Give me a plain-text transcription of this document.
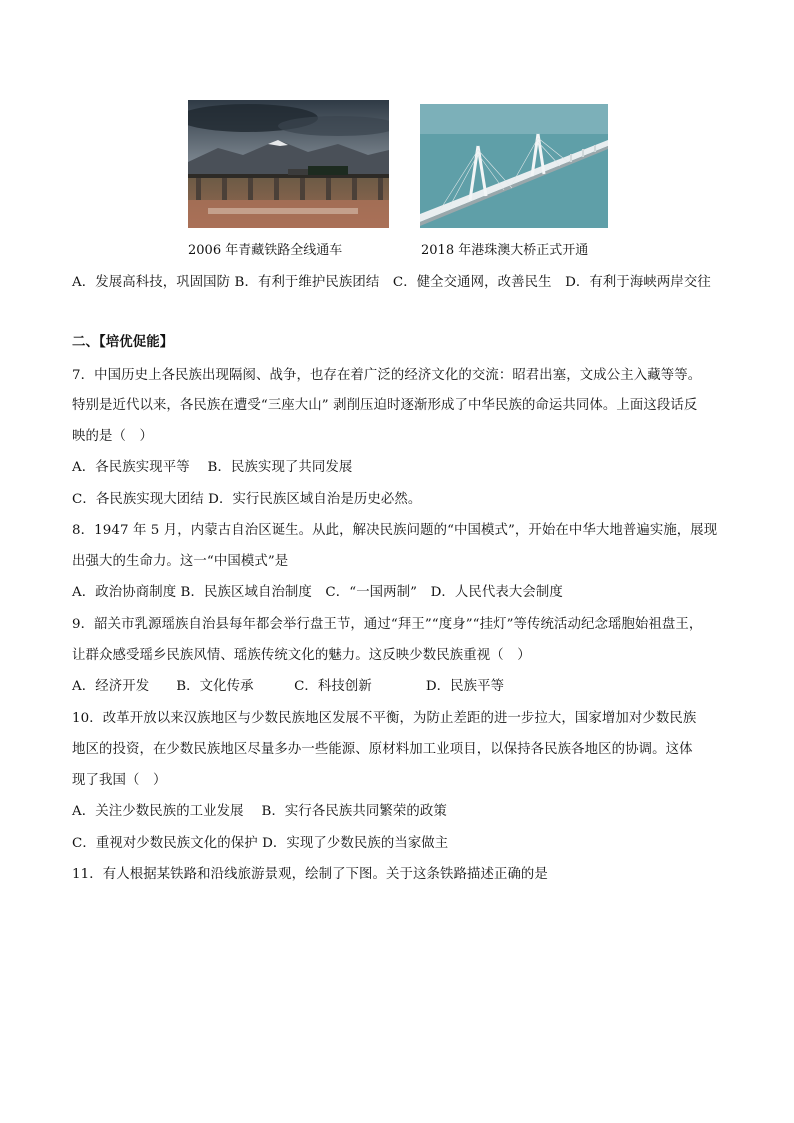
2006 年青藏铁路全线通车	2018 年港珠澳大桥正式开通
A．发展高科技，巩固国防 B．有利于维护民族团结　C．健全交通网，改善民生　D．有利于海峡两岸交往
二、【培优促能】
7．中国历史上各民族出现隔阂、战争，也存在着广泛的经济文化的交流：昭君出塞，文成公主入藏等等。
特别是近代以来，各民族在遭受“三座大山” 剥削压迫时逐渐形成了中华民族的命运共同体。上面这段话反
映的是（　）
A．各民族实现平等　 B．民族实现了共同发展
C．各民族实现大团结 D．实行民族区域自治是历史必然。
8．1947 年 5 月，内蒙古自治区诞生。从此，解决民族问题的“中国模式”，开始在中华大地普遍实施，展现
出强大的生命力。这一“中国模式”是
A．政治协商制度 B．民族区域自治制度　C．“一国两制”　D．人民代表大会制度
9．韶关市乳源瑶族自治县每年都会举行盘王节，通过“拜王”“度身”“挂灯”等传统活动纪念瑶胞始祖盘王，
让群众感受瑶乡民族风情、瑶族传统文化的魅力。这反映少数民族重视（　）
A．经济开发　　B．文化传承　　　C．科技创新　　　　D．民族平等
10．改革开放以来汉族地区与少数民族地区发展不平衡，为防止差距的进一步拉大，国家增加对少数民族
地区的投资，在少数民族地区尽量多办一些能源、原材料加工业项目，以保持各民族各地区的协调。这体
现了我国（　）
A．关注少数民族的工业发展　 B．实行各民族共同繁荣的政策
C．重视对少数民族文化的保护 D．实现了少数民族的当家做主
11．有人根据某铁路和沿线旅游景观，绘制了下图。关于这条铁路描述正确的是
